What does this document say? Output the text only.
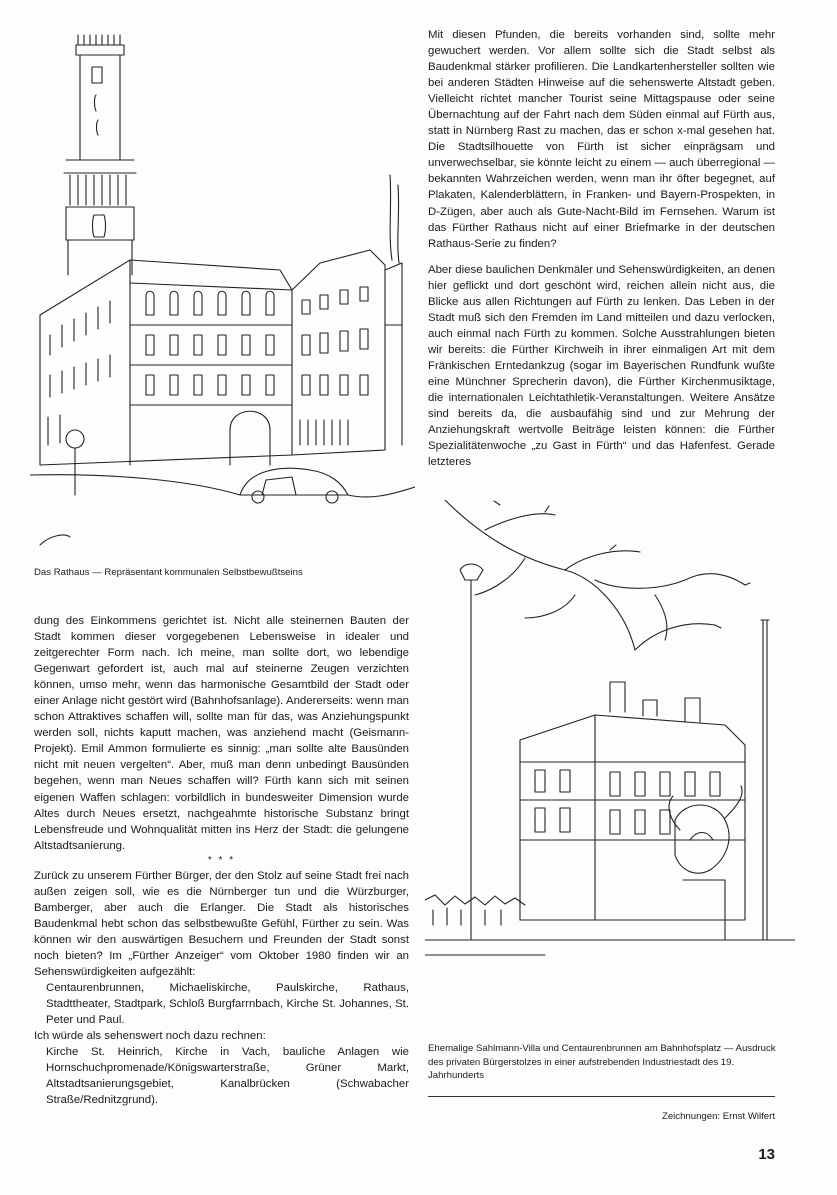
Mit diesen Pfunden, die bereits vorhanden sind, sollte mehr gewuchert werden. Vor allem sollte sich die Stadt selbst als Baudenkmal stärker profilieren. Die Landkartenhersteller sollten wie bei anderen Städten Hinweise auf die sehenswerte Altstadt geben. Vielleicht richtet mancher Tourist seine Mittagspause oder seine Übernachtung auf der Fahrt nach dem Süden einmal auf Fürth aus, statt in Nürnberg Rast zu machen, das er schon x-mal gesehen hat. Die Stadtsilhouette von Fürth ist sicher einprägsam und unverwechselbar, sie könnte leicht zu einem — auch überregional — bekannten Wahrzeichen werden, wenn man ihr öfter begegnet, auf Plakaten, Kalenderblättern, in Franken- und Bayern-Prospekten, in D-Zügen, aber auch als Gute-Nacht-Bild im Fernsehen. Warum ist das Fürther Rathaus nicht auf einer Briefmarke in der deutschen Rathaus-Serie zu finden?

Aber diese baulichen Denkmäler und Sehenswürdigkeiten, an denen hier geflickt und dort geschönt wird, reichen allein nicht aus, die Blicke aus allen Richtungen auf Fürth zu lenken. Das Leben in der Stadt muß sich den Fremden im Land mitteilen und dazu verlocken, auch einmal nach Fürth zu kommen. Solche Ausstrahlungen bieten wir bereits: die Fürther Kirchweih in ihrer einmaligen Art mit dem Fränkischen Erntedankzug (sogar im Bayerischen Rundfunk wußte eine Münchner Sprecherin davon), die Fürther Kirchenmusiktage, die internationalen Leichtathletik-Veranstaltungen. Weitere Ansätze sind bereits da, die ausbaufähig sind und zur Mehrung der Anziehungskraft wertvolle Beiträge leisten können: die Fürther Spezialitätenwoche „zu Gast in Fürth“ und das Hafenfest. Gerade letzteres

Das Rathaus — Repräsentant kommunalen Selbstbewußtseins

dung des Einkommens gerichtet ist. Nicht alle steinernen Bauten der Stadt kommen dieser vorgegebenen Lebensweise in idealer und zeitgerechter Form nach. Ich meine, man sollte dort, wo lebendige Gegenwart gefordert ist, auch mal auf steinerne Zeugen verzichten können, umso mehr, wenn das harmonische Gesamtbild der Stadt oder einer Anlage nicht gestört wird (Bahnhofsanlage). Andererseits: wenn man schon Attraktives schaffen will, sollte man für das, was Anziehungspunkt werden soll, nichts kaputt machen, was anziehend macht (Geismann-Projekt). Emil Ammon formulierte es sinnig: „man sollte alte Bausünden nicht mit neuen vergelten“. Aber, muß man denn unbedingt Bausünden begehen, wenn man Neues schaffen will? Fürth kann sich mit seinen eigenen Waffen schlagen: vorbildlich in bundesweiter Dimension wurde Altes durch Neues ersetzt, nachgeahmte historische Substanz bringt Lebensfreude und Wohnqualität mitten ins Herz der Stadt: die gelungene Altstadtsanierung.

* * *

Zurück zu unserem Fürther Bürger, der den Stolz auf seine Stadt frei nach außen zeigen soll, wie es die Nürnberger tun und die Würzburger, Bamberger, aber auch die Erlanger. Die Stadt als historisches Baudenkmal hebt schon das selbstbewußte Gefühl, Fürther zu sein. Was können wir den auswärtigen Besuchern und Freunden der Stadt sonst noch bieten? Im „Fürther Anzeiger“ vom Oktober 1980 finden wir an Sehenswürdigkeiten aufgezählt:

Centaurenbrunnen, Michaeliskirche, Paulskirche, Rathaus, Stadttheater, Stadtpark, Schloß Burgfarrnbach, Kirche St. Johannes, St. Peter und Paul.

Ich würde als sehenswert noch dazu rechnen:

Kirche St. Heinrich, Kirche in Vach, bauliche Anlagen wie Hornschuchpromenade/Königswarterstraße, Grüner Markt, Altstadtsanierungsgebiet, Kanalbrücken (Schwabacher Straße/Rednitzgrund).

Ehemalige Sahlmann-Villa und Centaurenbrunnen am Bahnhofsplatz — Ausdruck des privaten Bürgerstolzes in einer aufstrebenden Industriestadt des 19. Jahrhunderts
Zeichnungen: Ernst Wilfert
13
